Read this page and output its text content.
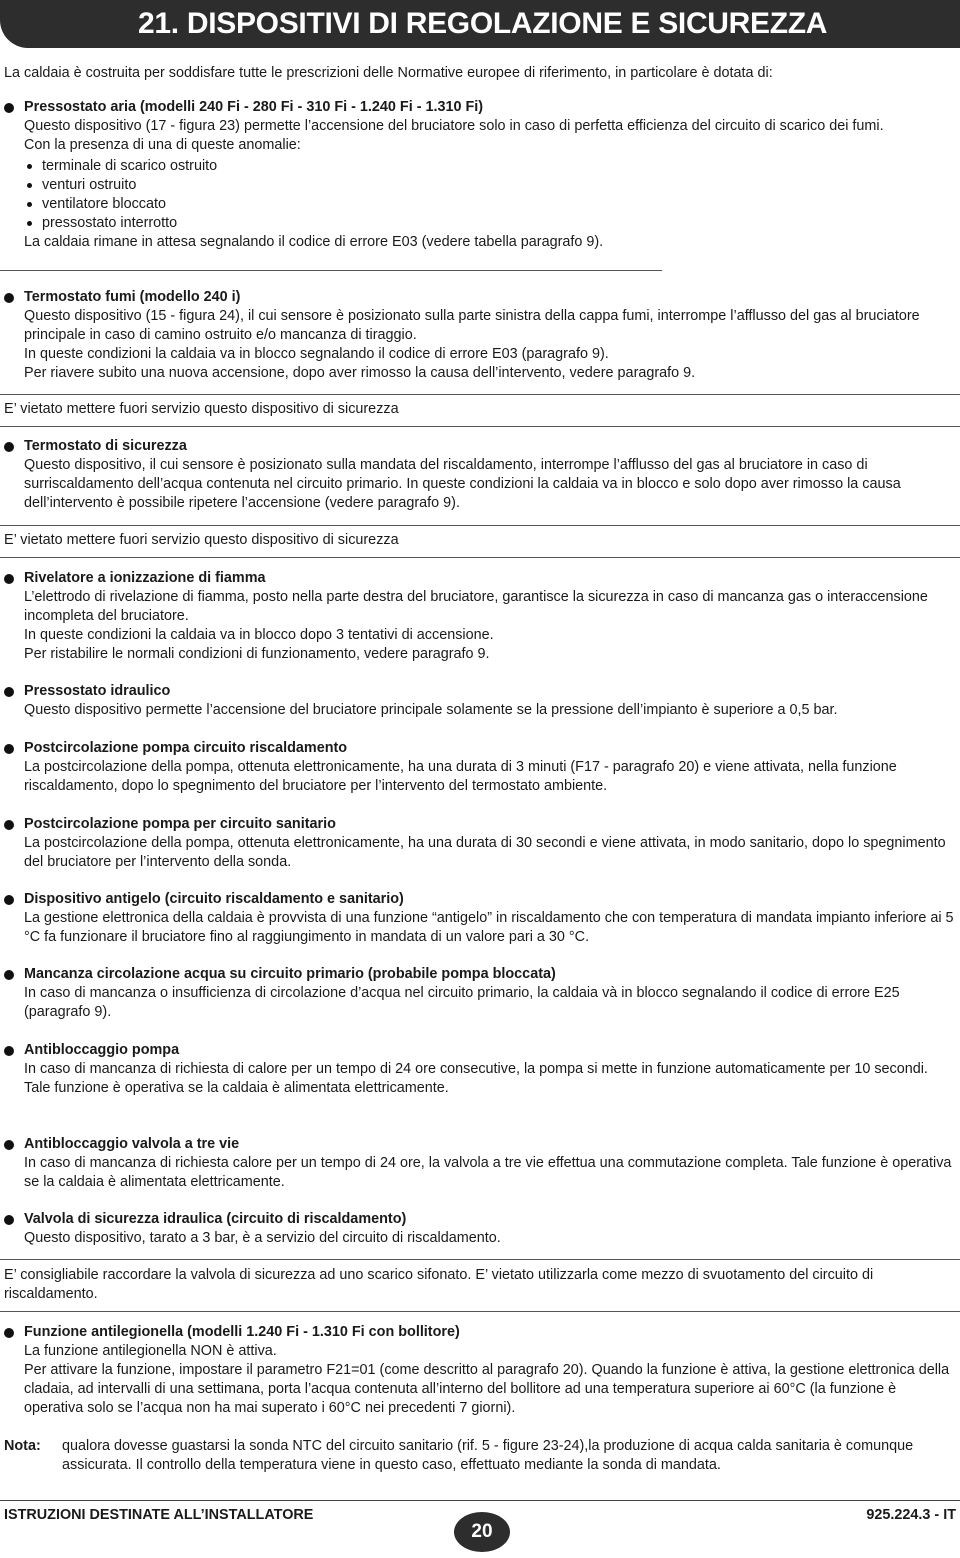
21. DISPOSITIVI DI REGOLAZIONE E SICUREZZA
La caldaia è costruita per soddisfare tutte le prescrizioni delle Normative europee di riferimento, in particolare è dotata di:
Pressostato aria (modelli 240 Fi - 280 Fi - 310 Fi - 1.240 Fi - 1.310 Fi)

Questo dispositivo (17 - figura 23) permette l’accensione del bruciatore solo in caso di perfetta efficienza del circuito di scarico dei fumi.

Con la presenza di una di queste anomalie:

terminale di scarico ostruito
venturi ostruito
ventilatore bloccato
pressostato interrotto

La caldaia rimane in attesa segnalando il codice di errore E03 (vedere tabella paragrafo 9).

Termostato fumi (modello 240 i)

Questo dispositivo (15 - figura 24), il cui sensore è posizionato sulla parte sinistra della cappa fumi, interrompe l’afflusso del gas al bruciatore principale in caso di camino ostruito e/o mancanza di tiraggio.

In queste condizioni la caldaia va in blocco segnalando il codice di errore E03 (paragrafo 9).

Per riavere subito una nuova accensione, dopo aver rimosso la causa dell’intervento, vedere paragrafo 9.

E’ vietato mettere fuori servizio questo dispositivo di sicurezza
Termostato di sicurezza

Questo dispositivo, il cui sensore è posizionato sulla mandata del riscaldamento, interrompe l’afflusso del gas al bruciatore in caso di surriscaldamento dell’acqua contenuta nel circuito primario. In queste condizioni la caldaia va in blocco e solo dopo aver rimosso la causa dell’intervento è possibile ripetere l’accensione (vedere paragrafo 9).

E’ vietato mettere fuori servizio questo dispositivo di sicurezza
Rivelatore a ionizzazione di fiamma

L’elettrodo di rivelazione di fiamma, posto nella parte destra del bruciatore, garantisce la sicurezza in caso di mancanza gas o interaccensione incompleta del bruciatore.

In queste condizioni la caldaia va in blocco dopo 3 tentativi di accensione.

Per ristabilire le normali condizioni di funzionamento, vedere paragrafo 9.

Pressostato idraulico

Questo dispositivo permette l’accensione del bruciatore principale solamente se la pressione dell’impianto è superiore a 0,5 bar.

Postcircolazione pompa circuito riscaldamento

La postcircolazione della pompa, ottenuta elettronicamente, ha una durata di 3 minuti (F17 - paragrafo 20) e viene attivata, nella funzione riscaldamento, dopo lo spegnimento del bruciatore per l’intervento del termostato ambiente.

Postcircolazione pompa per circuito sanitario

La postcircolazione della pompa, ottenuta elettronicamente, ha una durata di 30 secondi e viene attivata, in modo sanitario, dopo lo spegnimento del bruciatore per l’intervento della sonda.

Dispositivo antigelo (circuito riscaldamento e sanitario)

La gestione elettronica della caldaia è provvista di una funzione “antigelo” in riscaldamento che con temperatura di mandata impianto inferiore ai 5 °C fa funzionare il bruciatore fino al raggiungimento in mandata di un valore pari a 30 °C.

Mancanza circolazione acqua su circuito primario (probabile pompa bloccata)

In caso di mancanza o insufficienza di circolazione d’acqua nel circuito primario, la caldaia và in blocco segnalando il codice di errore E25 (paragrafo 9).

Antibloccaggio pompa

In caso di mancanza di richiesta di calore per un tempo di 24 ore consecutive, la pompa si mette in funzione automaticamente per 10 secondi.

Tale funzione è operativa se la caldaia è alimentata elettricamente.

Antibloccaggio valvola a tre vie

In caso di mancanza di richiesta calore per un tempo di 24 ore, la valvola a tre vie effettua una commutazione completa. Tale funzione è operativa se la caldaia è alimentata elettricamente.

Valvola di sicurezza idraulica (circuito di riscaldamento)

Questo dispositivo, tarato a 3 bar, è a servizio del circuito di riscaldamento.

E’ consigliabile raccordare la valvola di sicurezza ad uno scarico sifonato. E’ vietato utilizzarla come mezzo di svuotamento del circuito di riscaldamento.
Funzione antilegionella (modelli 1.240 Fi - 1.310 Fi con bollitore)

La funzione antilegionella NON è attiva.

Per attivare la funzione, impostare il parametro F21=01 (come descritto al paragrafo 20). Quando la funzione è attiva, la gestione elettronica della cladaia, ad intervalli di una settimana, porta l’acqua contenuta all’interno del bollitore ad una temperatura superiore ai 60°C (la funzione è operativa solo se l’acqua non ha mai superato i 60°C nei precedenti 7 giorni).

Nota: qualora dovesse guastarsi la sonda NTC del circuito sanitario (rif. 5 - figure 23-24),la produzione di acqua calda sanitaria è comunque assicurata. Il controllo della temperatura viene in questo caso, effettuato mediante la sonda di mandata.
ISTRUZIONI DESTINATE ALL’INSTALLATORE
20
925.224.3 - IT
